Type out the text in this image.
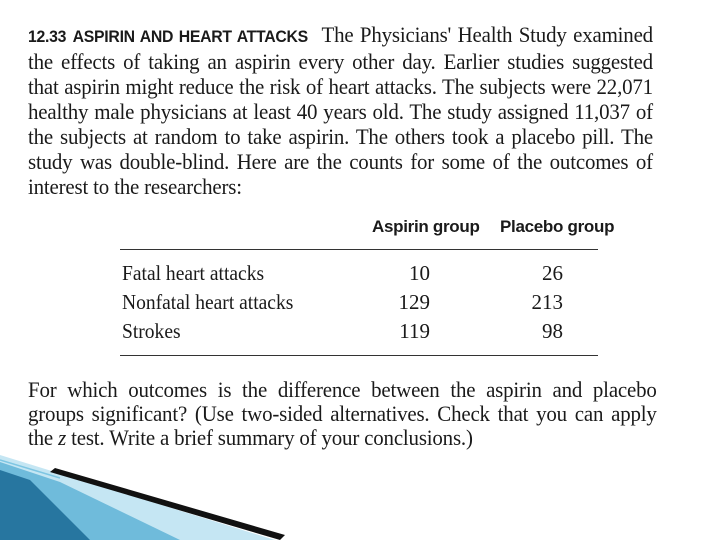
12.33 ASPIRIN AND HEART ATTACKS The Physicians' Health Study examined the effects of taking an aspirin every other day. Earlier studies suggested that aspirin might reduce the risk of heart attacks. The subjects were 22,071 healthy male physicians at least 40 years old. The study assigned 11,037 of the subjects at random to take aspirin. The others took a placebo pill. The study was double-blind. Here are the counts for some of the outcomes of interest to the researchers:
Aspirin group Placebo group
Fatal heart attacks	10	26
Nonfatal heart attacks	129	213
Strokes	119	98
For which outcomes is the difference between the aspirin and placebo groups significant? (Use two-sided alternatives. Check that you can apply the z test. Write a brief summary of your conclusions.)
